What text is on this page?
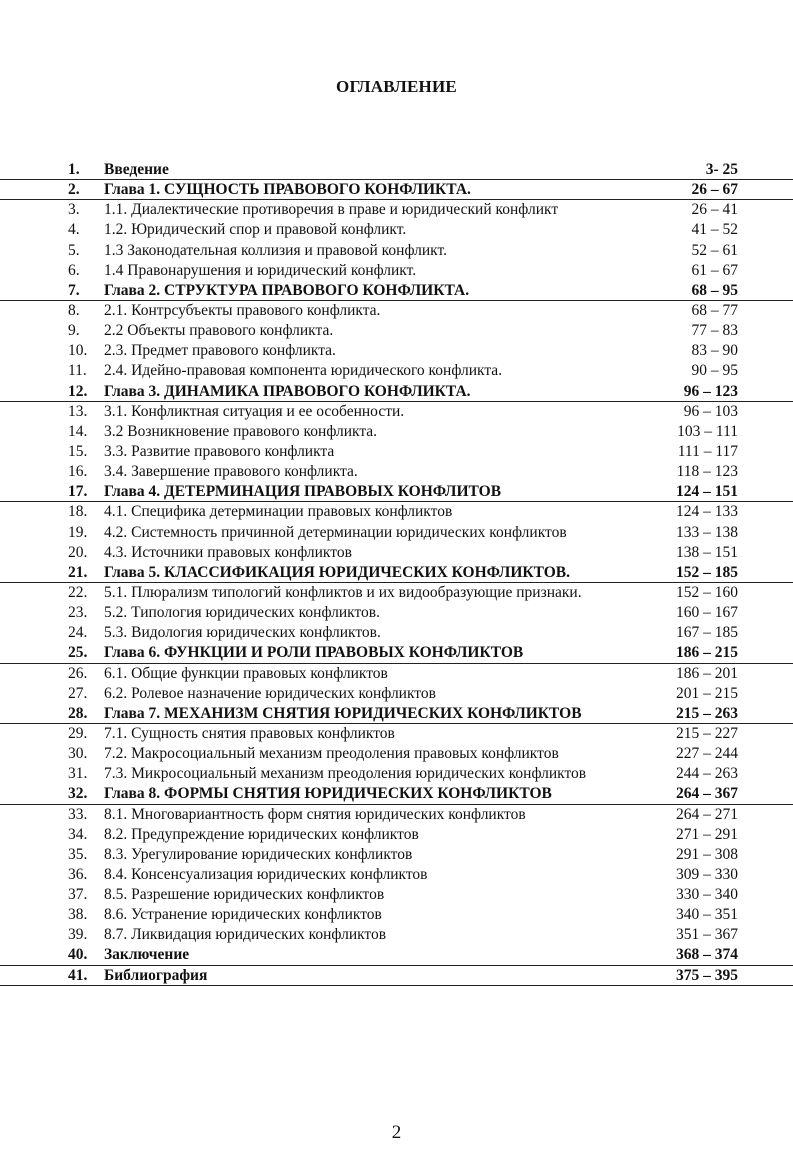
ОГЛАВЛЕНИЕ
1. Введение	3- 25
2. Глава 1. СУЩНОСТЬ ПРАВОВОГО КОНФЛИКТА.	26 – 67
3. 1.1. Диалектические противоречия в праве и юридический конфликт	26 – 41
4. 1.2. Юридический спор и правовой конфликт.	41 – 52
5. 1.3 Законодательная коллизия и правовой конфликт.	52 – 61
6. 1.4 Правонарушения и юридический конфликт.	61 – 67
7. Глава 2. СТРУКТУРА ПРАВОВОГО КОНФЛИКТА.	68 – 95
8. 2.1. Контрсубъекты правового конфликта.	68 – 77
9. 2.2 Объекты правового конфликта.	77 – 83
10. 2.3. Предмет правового конфликта.	83 – 90
11. 2.4. Идейно-правовая компонента юридического конфликта.	90 – 95
12. Глава 3. ДИНАМИКА ПРАВОВОГО КОНФЛИКТА.	96 – 123
13. 3.1. Конфликтная ситуация и ее особенности.	96 – 103
14. 3.2 Возникновение правового конфликта.	103 – 111
15. 3.3. Развитие правового конфликта	111 – 117
16. 3.4. Завершение правового конфликта.	118 – 123
17. Глава 4. ДЕТЕРМИНАЦИЯ ПРАВОВЫХ КОНФЛИТОВ	124 – 151
18. 4.1. Специфика детерминации правовых конфликтов	124 – 133
19. 4.2. Системность причинной детерминации юридических конфликтов	133 – 138
20. 4.3. Источники правовых конфликтов	138 – 151
21. Глава 5. КЛАССИФИКАЦИЯ ЮРИДИЧЕСКИХ КОНФЛИКТОВ.	152 – 185
22. 5.1. Плюрализм типологий конфликтов и их видообразующие признаки.	152 – 160
23. 5.2. Типология юридических конфликтов.	160 – 167
24. 5.3. Видология юридических конфликтов.	167 – 185
25. Глава 6. ФУНКЦИИ И РОЛИ ПРАВОВЫХ КОНФЛИКТОВ	186 – 215
26. 6.1. Общие функции правовых конфликтов	186 – 201
27. 6.2. Ролевое назначение юридических конфликтов	201 – 215
28. Глава 7. МЕХАНИЗМ СНЯТИЯ ЮРИДИЧЕСКИХ КОНФЛИКТОВ	215 – 263
29. 7.1. Сущность снятия правовых конфликтов	215 – 227
30. 7.2. Макросоциальный механизм преодоления правовых конфликтов	227 – 244
31. 7.3. Микросоциальный механизм преодоления юридических конфликтов	244 – 263
32. Глава 8. ФОРМЫ СНЯТИЯ ЮРИДИЧЕСКИХ КОНФЛИКТОВ	264 – 367
33. 8.1. Многовариантность форм снятия юридических конфликтов	264 – 271
34. 8.2. Предупреждение юридических конфликтов	271 – 291
35. 8.3. Урегулирование юридических конфликтов	291 – 308
36. 8.4. Консенсуализация юридических конфликтов	309 – 330
37. 8.5. Разрешение юридических конфликтов	330 – 340
38. 8.6. Устранение юридических конфликтов	340 – 351
39. 8.7. Ликвидация юридических конфликтов	351 – 367
40. Заключение	368 – 374
41. Библиография	375 – 395
2
